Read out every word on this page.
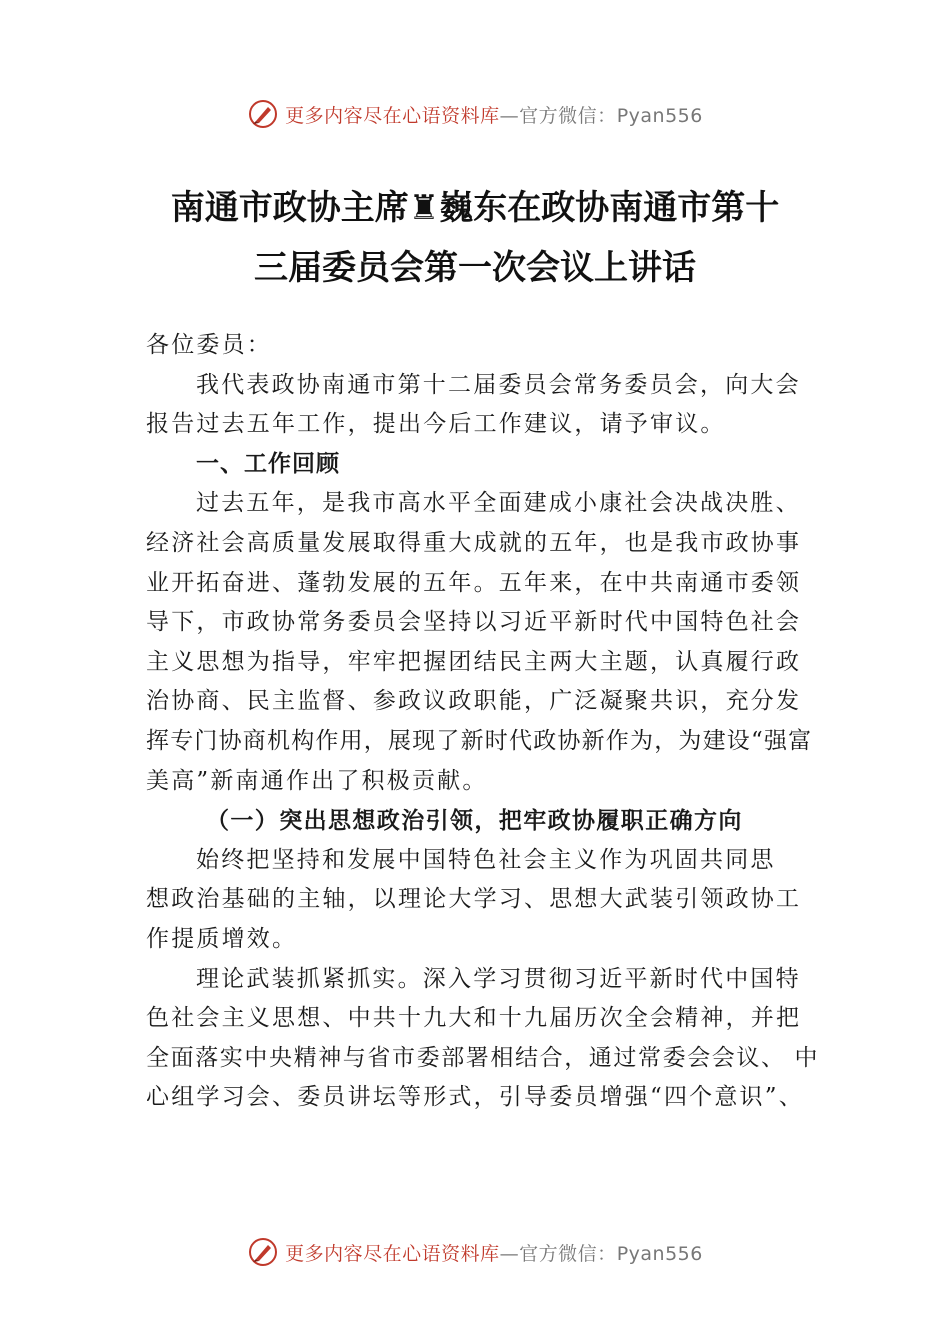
更多内容尽在心语资料库—官方微信：Pyan556
南通市政协主席♜巍东在政协南通市第十
三届委员会第一次会议上讲话
各位委员：
我代表政协南通市第十二届委员会常务委员会，向大会
报告过去五年工作，提出今后工作建议，请予审议。
一、工作回顾
过去五年，是我市高水平全面建成小康社会决战决胜、
经济社会高质量发展取得重大成就的五年，也是我市政协事
业开拓奋进、蓬勃发展的五年。五年来，在中共南通市委领
导下，市政协常务委员会坚持以习近平新时代中国特色社会
主义思想为指导，牢牢把握团结民主两大主题，认真履行政
治协商、民主监督、参政议政职能，广泛凝聚共识，充分发
挥专门协商机构作用，展现了新时代政协新作为，为建设“强富
美高”新南通作出了积极贡献。
（一）突出思想政治引领，把牢政协履职正确方向
始终把坚持和发展中国特色社会主义作为巩固共同思
想政治基础的主轴，以理论大学习、思想大武装引领政协工
作提质增效。
理论武装抓紧抓实。深入学习贯彻习近平新时代中国特
色社会主义思想、中共十九大和十九届历次全会精神，并把
全面落实中央精神与省市委部署相结合，通过常委会会议、 中
心组学习会、委员讲坛等形式，引导委员增强“四个意识”、
更多内容尽在心语资料库—官方微信：Pyan556
